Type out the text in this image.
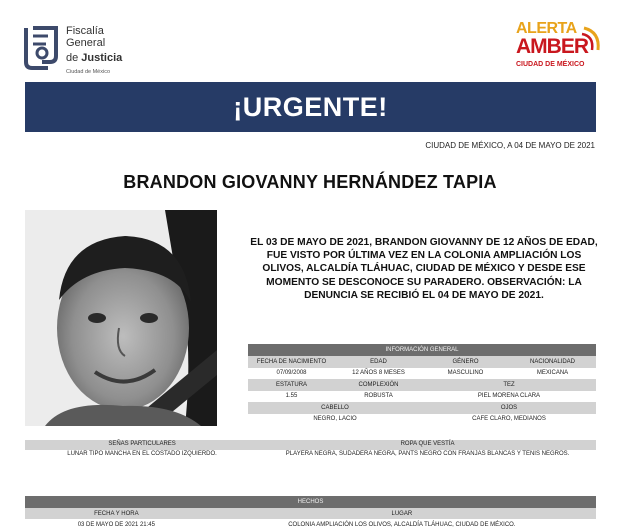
Fiscalía
General
de Justicia
Ciudad de México
ALERTA
AMBER
CIUDAD DE MÉXICO
¡URGENTE!
CIUDAD DE MÉXICO, A 04 DE MAYO DE 2021
BRANDON GIOVANNY HERNÁNDEZ TAPIA
EL 03 DE MAYO DE 2021, BRANDON GIOVANNY DE 12 AÑOS DE EDAD, FUE VISTO POR ÚLTIMA VEZ EN LA COLONIA AMPLIACIÓN LOS OLIVOS, ALCALDÍA TLÁHUAC, CIUDAD DE MÉXICO Y DESDE ESE MOMENTO SE DESCONOCE SU PARADERO. OBSERVACIÓN: LA DENUNCIA SE RECIBIÓ EL 04 DE MAYO DE 2021.
INFORMACIÓN GENERAL			
FECHA DE NACIMIENTO	EDAD	GÉNERO	NACIONALIDAD
07/09/2008	12 AÑOS 8 MESES	MASCULINO	MEXICANA
ESTATURA	COMPLEXIÓN	TEZ	
1.55	ROBUSTA	PIEL MORENA CLARA	
CABELLO		OJOS	
NEGRO, LACIO		CAFE CLARO, MEDIANOS	
SEÑAS PARTICULARES	ROPA QUE VESTÍA
LUNAR TIPO MANCHA EN EL COSTADO IZQUIERDO.	PLAYERA NEGRA, SUDADERA NEGRA, PANTS NEGRO CON FRANJAS BLANCAS Y TENIS NEGROS.
HECHOS	
FECHA Y HORA	LUGAR
03 DE MAYO DE 2021 21:45	COLONIA AMPLIACIÓN LOS OLIVOS, ALCALDÍA TLÁHUAC, CIUDAD DE MÉXICO.
